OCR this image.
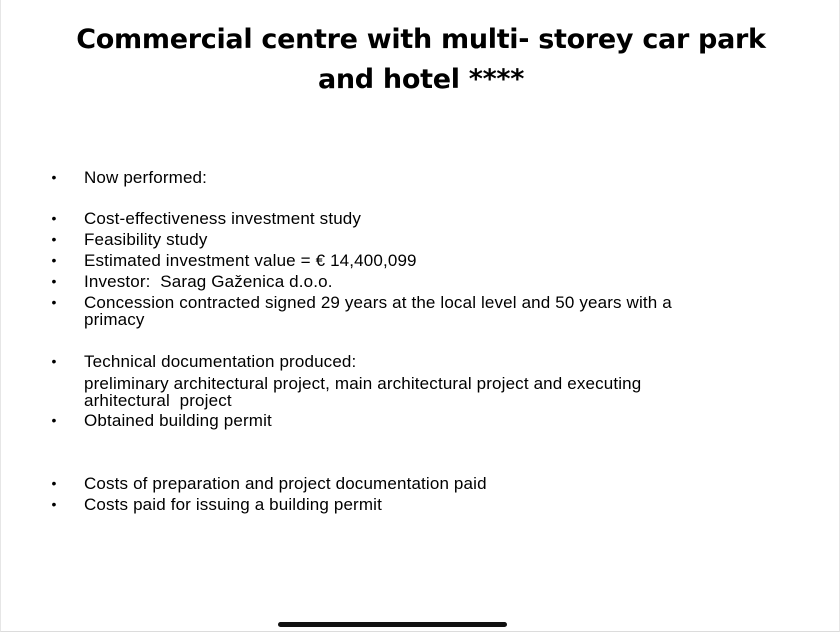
Commercial centre with multi- storey car park and hotel ****
• Now performed:
• Cost-effectiveness investment study
• Feasibility study
• Estimated investment value = € 14,400,099
• Investor:  Sarag Gaženica d.o.o.
• Concession contracted signed 29 years at the local level and 50 years with a
primacy
• Technical documentation produced:
preliminary architectural project, main architectural project and executing
arhitectural  project
• Obtained building permit
• Costs of preparation and project documentation paid
• Costs paid for issuing a building permit
